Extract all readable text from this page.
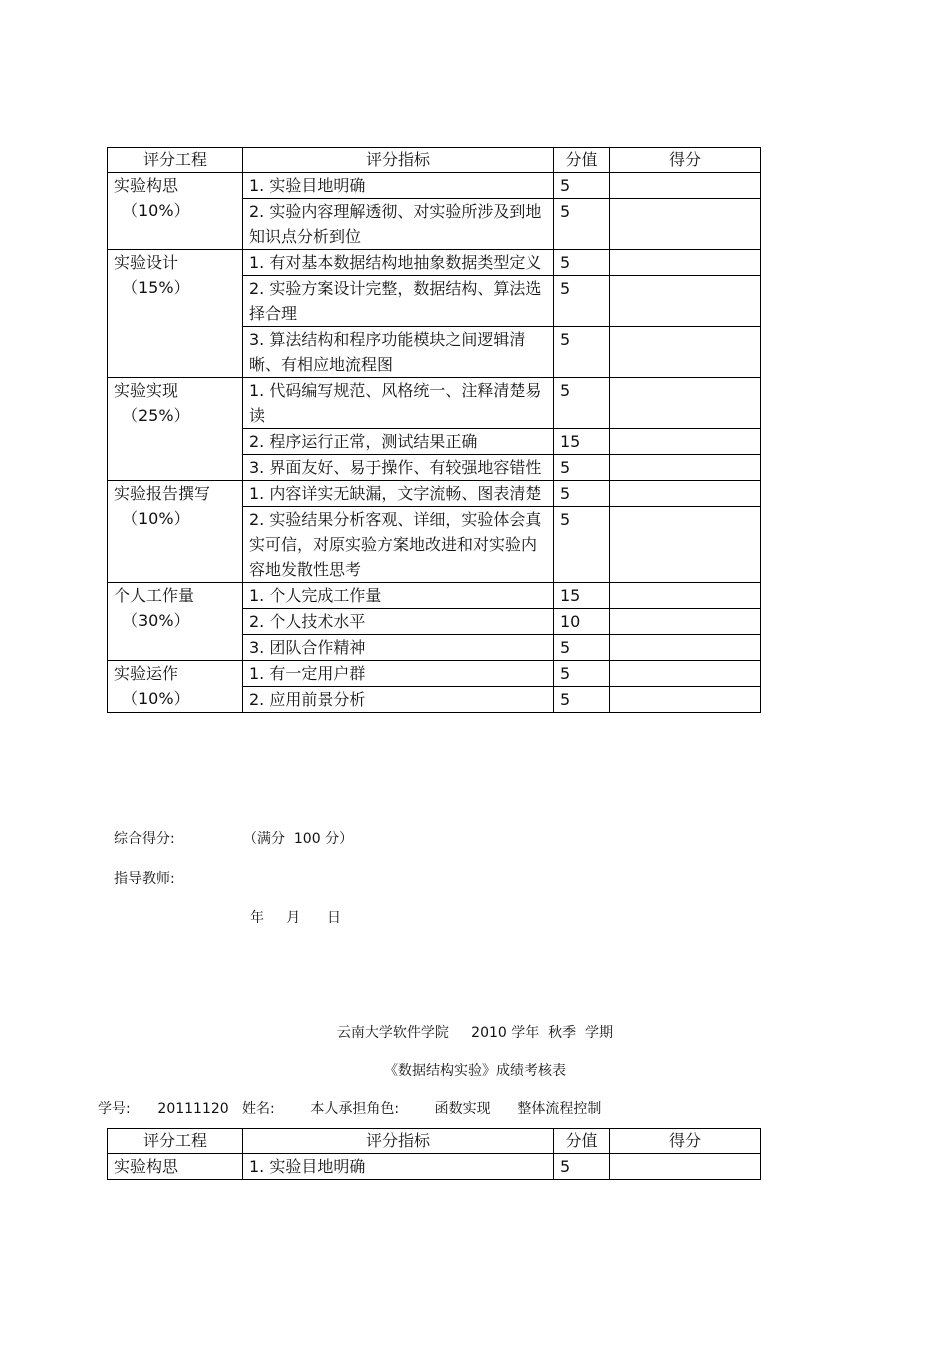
评分工程	评分指标	分值	得分

实验构思
（10%）	1. 实验目地明确	5	
	2. 实验内容理解透彻、对实验所涉及到地知识点分析到位	5	

实验设计
（15%）	1. 有对基本数据结构地抽象数据类型定义	5	
	2. 实验方案设计完整，数据结构、算法选择合理	5	
	3. 算法结构和程序功能模块之间逻辑清晰、有相应地流程图	5	

实验实现
（25%）	1. 代码编写规范、风格统一、注释清楚易读	5	
	2. 程序运行正常，测试结果正确	15	
	3. 界面友好、易于操作、有较强地容错性	5	

实验报告撰写
（10%）	1. 内容详实无缺漏，文字流畅、图表清楚	5	
	2. 实验结果分析客观、详细，实验体会真实可信，对原实验方案地改进和对实验内容地发散性思考	5	

个人工作量
（30%）	1. 个人完成工作量	15	
	2. 个人技术水平	10	
	3. 团队合作精神	5	

实验运作
（10%）	1. 有一定用户群	5	
	2. 应用前景分析	5	
综合得分:	（满分  100 分）
指导教师:
年     月      日
云南大学软件学院     2010 学年  秋季  学期
《数据结构实验》成绩考核表
学号:      20111120   姓名:        本人承担角色:        函数实现      整体流程控制
评分工程	评分指标	分值	得分
实验构思	1. 实验目地明确	5	
